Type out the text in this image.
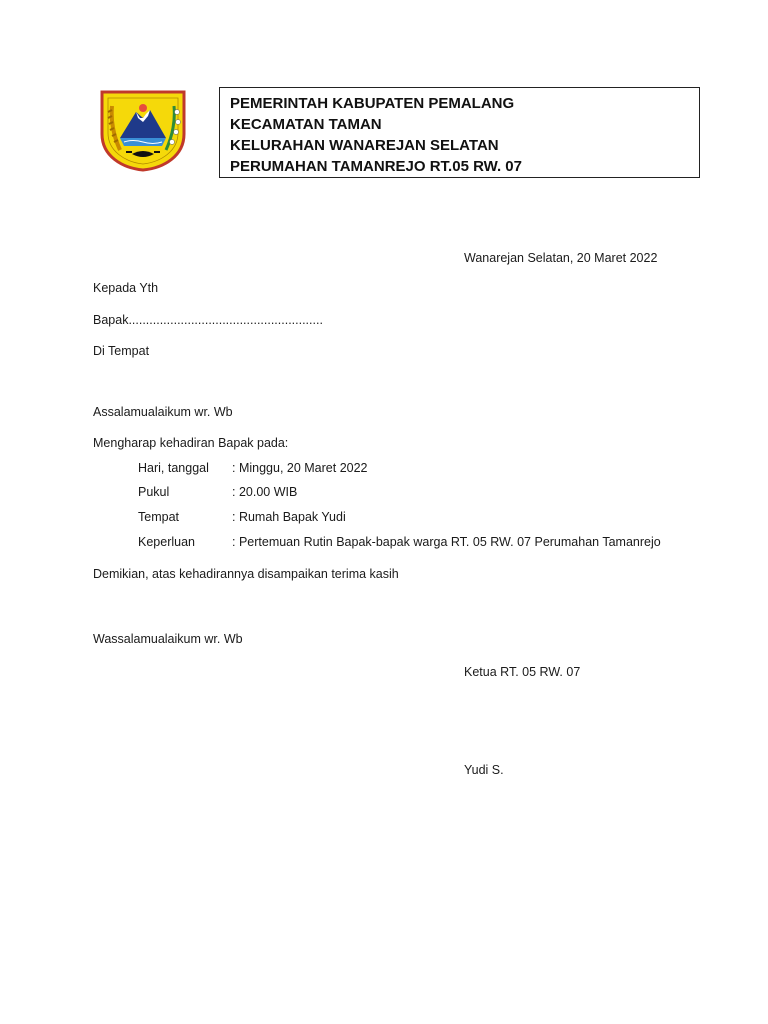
PEMERINTAH KABUPATEN PEMALANG
KECAMATAN TAMAN
KELURAHAN WANAREJAN SELATAN
PERUMAHAN TAMANREJO RT.05 RW. 07
Wanarejan Selatan, 20 Maret 2022
Kepada Yth
Bapak........................................................
Di Tempat
Assalamualaikum wr. Wb
Mengharap kehadiran Bapak pada:
Hari, tanggal : Minggu, 20 Maret 2022
Pukul	: 20.00 WIB
Tempat	: Rumah Bapak Yudi
Keperluan	: Pertemuan Rutin Bapak-bapak warga RT. 05 RW. 07 Perumahan Tamanrejo
Demikian, atas kehadirannya disampaikan terima kasih
Wassalamualaikum wr. Wb
Ketua RT. 05 RW. 07
Yudi S.
